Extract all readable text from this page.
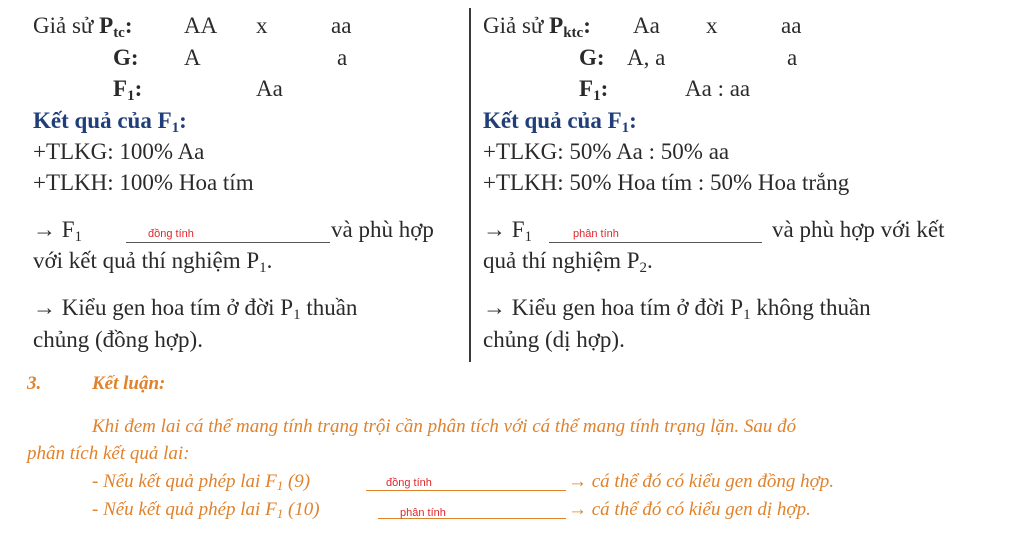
Giả sử $P_{tc}$: AA x	aa
G: A	a
$F_1$:	Aa
Kết quả của $F_1$:
+TLKG: 100% Aa
+TLKH: 100% Hoa tím
→ $F_1$	đồng tính	và phù hợp
với kết quả thí nghiệm $P_1$.
→ Kiểu gen hoa tím ở đời $P_1$ thuần
chủng (đồng hợp).
Giả sử $P_{ktc}$: Aa x	aa
G: A, a	a
$F_1$:	Aa : aa
Kết quả của $F_1$:
+TLKG: 50% Aa : 50% aa
+TLKH: 50% Hoa tím : 50% Hoa trắng
→ $F_1$	phân tính	và phù hợp với kết
quả thí nghiệm $P_2$.
→ Kiểu gen hoa tím ở đời $P_1$ không thuần
chủng (dị hợp).
3.	Kết luận:
Khi đem lai cá thể mang tính trạng trội cần phân tích với cá thể mang tính trạng lặn. Sau đó
phân tích kết quả lai:
- Nếu kết quả phép lai F1 (9)	đồng tính	→ cá thể đó có kiểu gen đồng hợp.
- Nếu kết quả phép lai F1 (10)	phân tính	→ cá thể đó có kiểu gen dị hợp.
